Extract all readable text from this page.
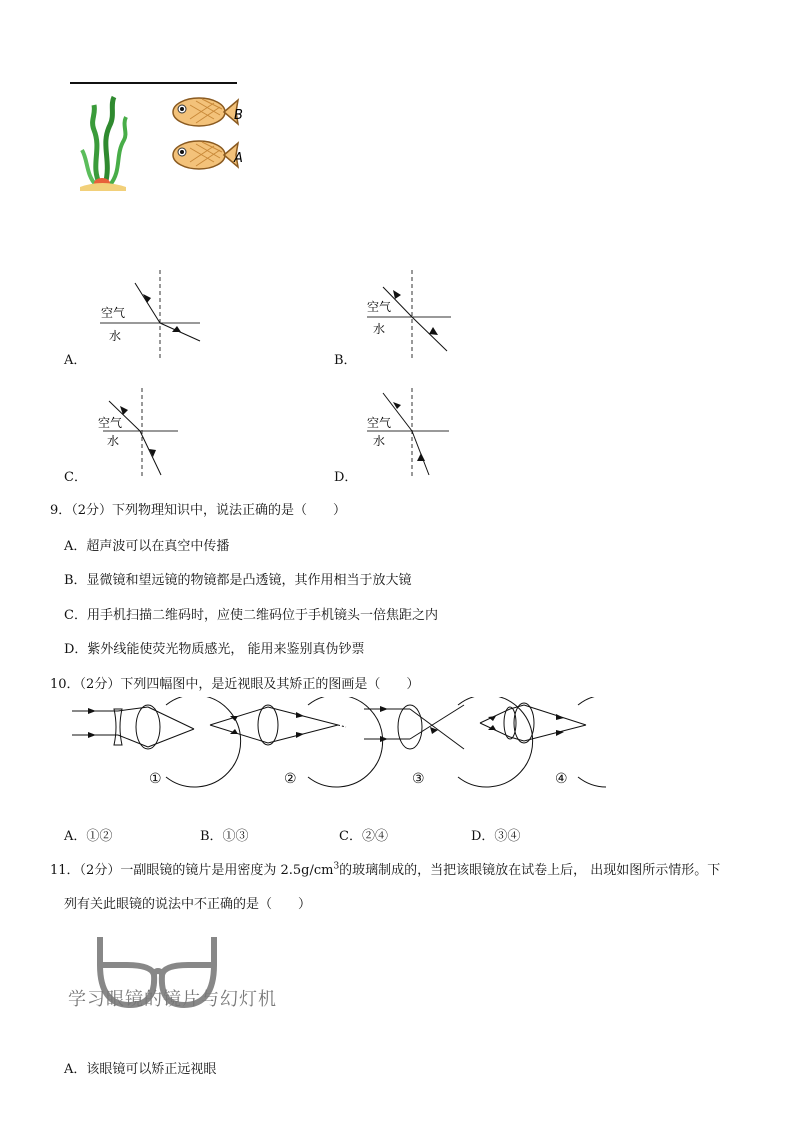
B
A
空气
水
A．
空气
水
B．
空气
水
C．
空气
水
D．
9．（2分）下列物理知识中，说法正确的是（　　）
A．超声波可以在真空中传播
B．显微镜和望远镜的物镜都是凸透镜，其作用相当于放大镜
C．用手机扫描二维码时，应使二维码位于手机镜头一倍焦距之内
D．紫外线能使荧光物质感光， 能用来鉴别真伪钞票
10．（2分）下列四幅图中，是近视眼及其矫正的图画是（　　）
①	②	③	④
A．①②	B．①③	C．②④	D．③④
11．（2分）一副眼镜的镜片是用密度为 $2.5g/cm^3$的玻璃制成的，当把该眼镜放在试卷上后， 出现如图所示情形。下
列有关此眼镜的说法中不正确的是（　　）
学习眼镜的镜片与幻灯机
A．该眼镜可以矫正远视眼
